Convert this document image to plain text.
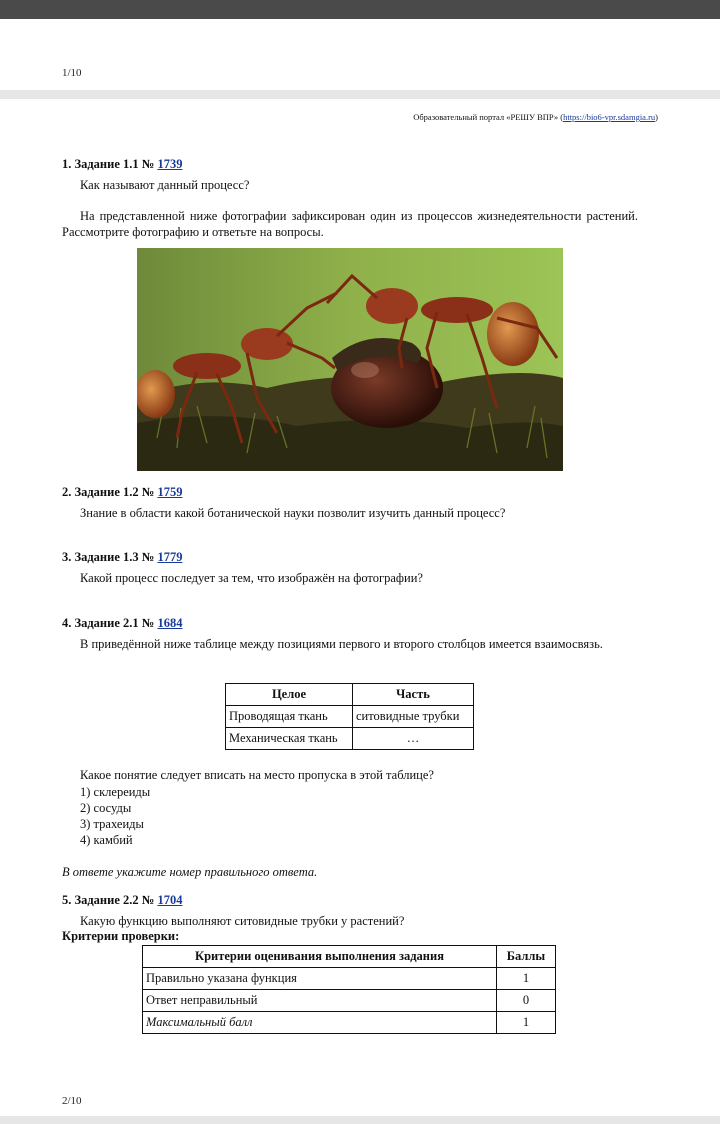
1/10
Образовательный портал «РЕШУ ВПР» (https://bio6-vpr.sdamgia.ru)
1. Задание 1.1 № 1739
Как называют данный процесс?
На представленной ниже фотографии зафиксирован один из процессов жизнедеятельности растений. Рассмотрите фотографию и ответьте на вопросы.
2. Задание 1.2 № 1759
Знание в области какой ботанической науки позволит изучить данный процесс?
3. Задание 1.3 № 1779
Какой процесс последует за тем, что изображён на фотографии?
4. Задание 2.1 № 1684
В приведённой ниже таблице между позициями первого и второго столбцов имеется взаимосвязь.
Целое	Часть
Проводящая ткань	ситовидные трубки
Механическая ткань	…
Какое понятие следует вписать на место пропуска в этой таблице?
1) склереиды
2) сосуды
3) трахеиды
4) камбий
В ответе укажите номер правильного ответа.
5. Задание 2.2 № 1704
Какую функцию выполняют ситовидные трубки у растений?
Критерии проверки:
Критерии оценивания выполнения задания	Баллы
Правильно указана функция	1
Ответ неправильный	0
Максимальный балл	1
2/10
